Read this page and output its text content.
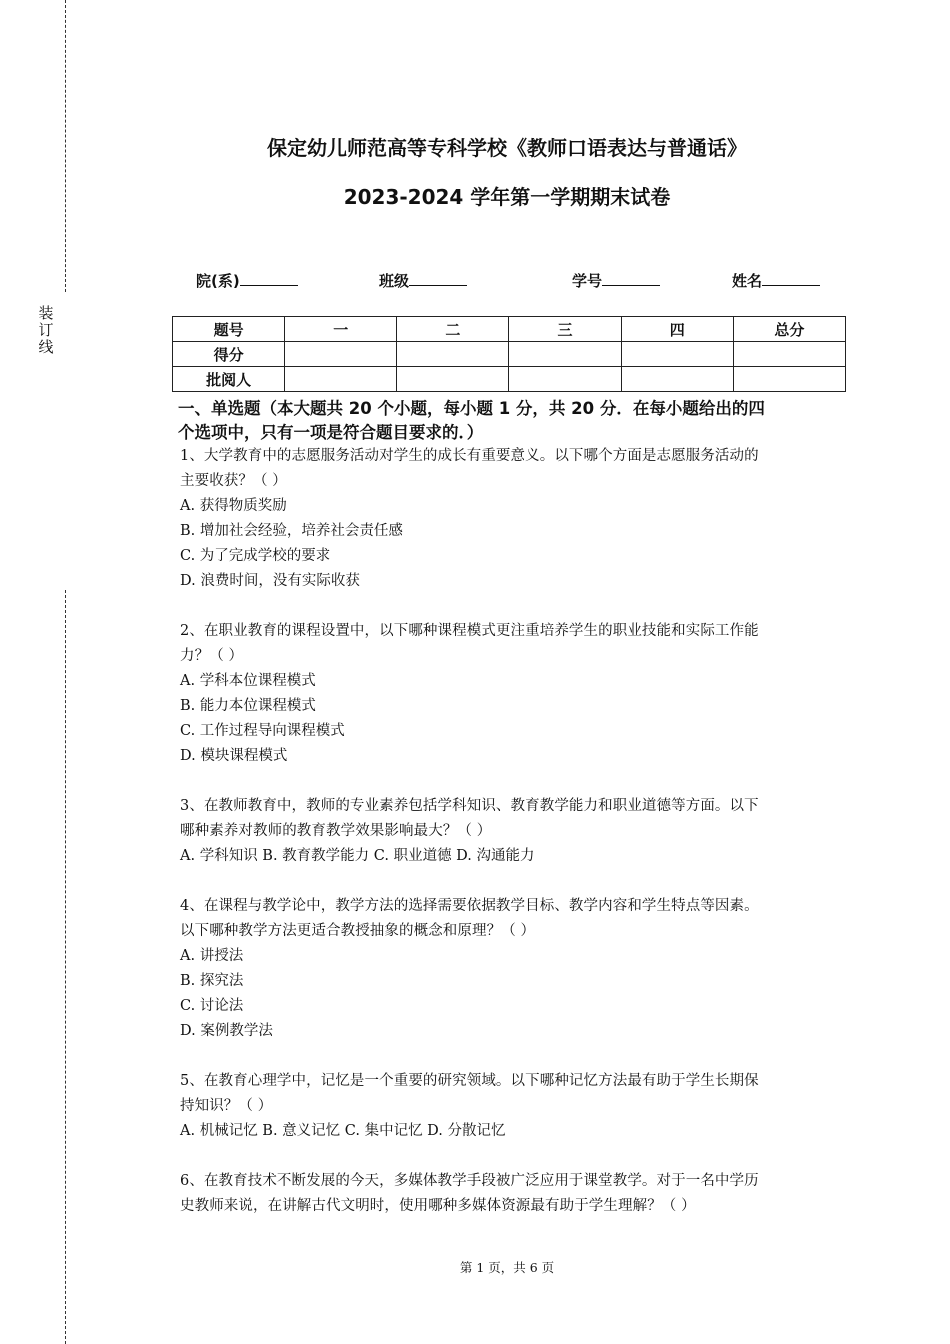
装订线
保定幼儿师范高等专科学校《教师口语表达与普通话》
2023-2024 学年第一学期期末试卷
院(系)	班级	学号	姓名
题号	一	二	三	四	总分
得分					
批阅人					
一、单选题（本大题共 20 个小题，每小题 1 分，共 20 分．在每小题给出的四
个选项中，只有一项是符合题目要求的．）
1、大学教育中的志愿服务活动对学生的成长有重要意义。以下哪个方面是志愿服务活动的
主要收获？（ ）
A. 获得物质奖励
B. 增加社会经验，培养社会责任感
C. 为了完成学校的要求
D. 浪费时间，没有实际收获
2、在职业教育的课程设置中，以下哪种课程模式更注重培养学生的职业技能和实际工作能
力？（ ）
A. 学科本位课程模式
B. 能力本位课程模式
C. 工作过程导向课程模式
D. 模块课程模式
3、在教师教育中，教师的专业素养包括学科知识、教育教学能力和职业道德等方面。以下
哪种素养对教师的教育教学效果影响最大？（ ）
A. 学科知识 B. 教育教学能力 C. 职业道德 D. 沟通能力
4、在课程与教学论中，教学方法的选择需要依据教学目标、教学内容和学生特点等因素。
以下哪种教学方法更适合教授抽象的概念和原理？（ ）
A. 讲授法
B. 探究法
C. 讨论法
D. 案例教学法
5、在教育心理学中，记忆是一个重要的研究领域。以下哪种记忆方法最有助于学生长期保
持知识？（ ）
A. 机械记忆 B. 意义记忆 C. 集中记忆 D. 分散记忆
6、在教育技术不断发展的今天，多媒体教学手段被广泛应用于课堂教学。对于一名中学历
史教师来说，在讲解古代文明时，使用哪种多媒体资源最有助于学生理解？（ ）
第 1 页，共 6 页
